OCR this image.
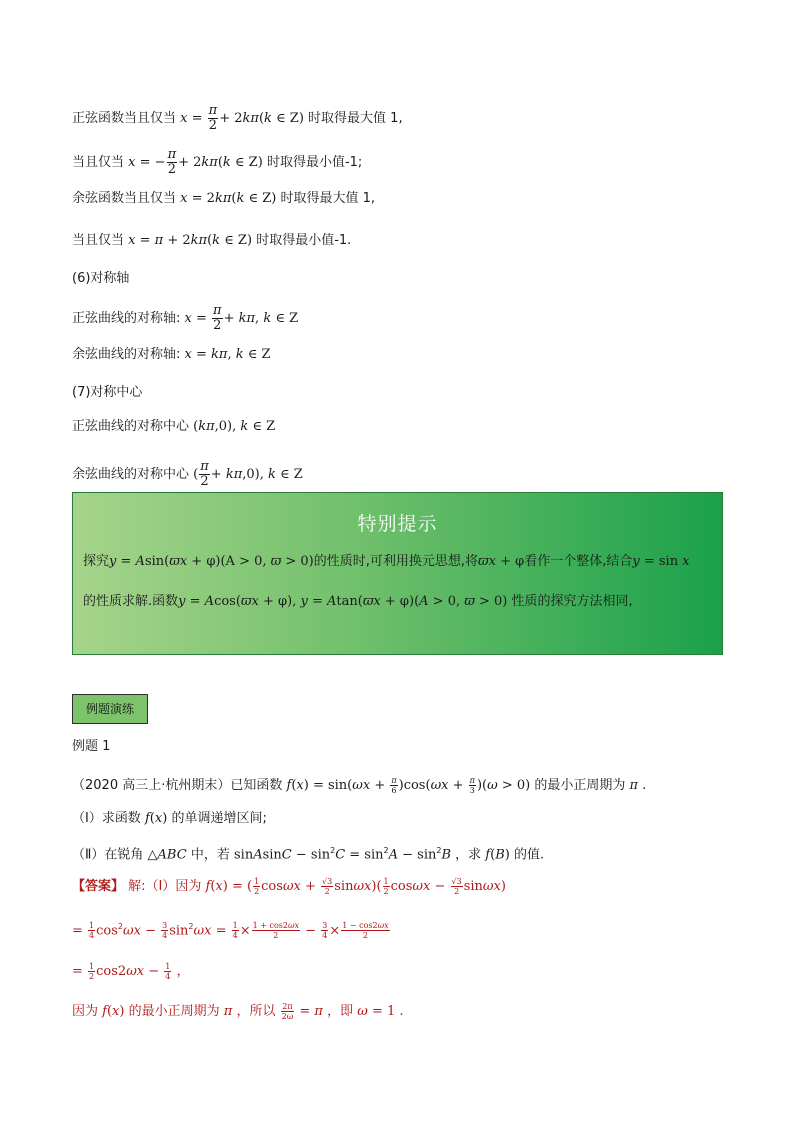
正弦函数当且仅当 $x = \frac{\pi}{2} + 2k\pi(k$ ∈ Z) 时取得最大值 1,
当且仅当 x = − $\frac{\pi}{2} + 2k\pi(k$ ∈ Z) 时取得最小值-1;
余弦函数当且仅当 x = 2kπ(k ∈ Z) 时取得最大值 1,
当且仅当 x = π + 2kπ(k ∈ Z) 时取得最小值-1.
(6)对称轴
正弦曲线的对称轴: $x = \frac{\pi}{2} + k\pi$, k ∈ Z
余弦曲线的对称轴: x = kπ, k ∈ Z
(7)对称中心
正弦曲线的对称中心 (kπ,0), k ∈ Z
余弦曲线的对称中心 ( $\frac{\pi}{2} + k\pi,0$), k ∈ Z
特别提示
探究y = Asin(ϖx + φ)(A > 0, ϖ > 0)的性质时,可利用换元思想,将ϖx + φ看作一个整体,结合y = sin x
的性质求解.函数y = Acos(ϖx + φ), y = Atan(ϖx + φ)(A > 0, ϖ > 0) 性质的探究方法相同,
例题演练
例题 1
（2020 高三上·杭州期末）已知函数 $f(x) = \sin(\omega x + \frac{\pi}{6} )\cos(\omega x + \frac{\pi}{3} )(\omega > 0)$ 的最小正周期为 π .
（Ⅰ）求函数 f(x) 的单调递增区间;
（Ⅱ）在锐角 △ABC 中，若 sinAsinC − $\sin^2C = \sin^2A - \sin^2B$ ，求 f(B) 的值.
【答案】 解:（Ⅰ）因为 f(x) = ( $\frac{1}{2}$ $\cos\omega x + \frac{√3}{2} \sin\omega x)( \frac{1}{2}$ $\cos\omega x - \frac{√3}{2} \sin\omega x$)
= $\frac{1}{4} \cos^2\omega x - \frac{3}{4} \sin^2\omega x = \frac{1}{4} \times \frac{1 + \cos 2\omega x}{2} - \frac{3}{4} \times \frac{1 - \cos 2\omega x}{2}$
= $\frac{1}{2} \cos 2\omega x - \frac{1}{4}$ ，
因为 f(x) 的最小正周期为 π ，所以 $\frac{2\pi}{2\omega} = \pi$ ，即 ω = 1 .
